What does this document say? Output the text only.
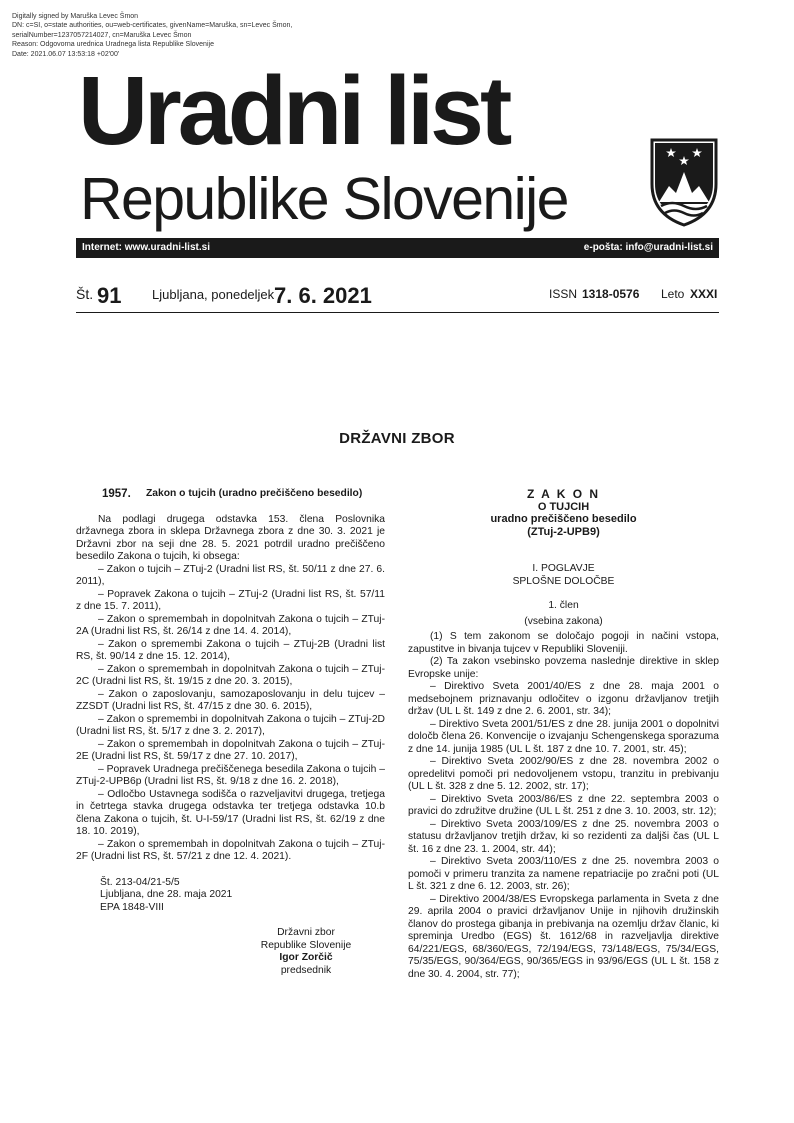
Digitally signed by Maruška Levec Šmon
DN: c=SI, o=state authorities, ou=web-certificates, givenName=Maruška, sn=Levec Šmon,
serialNumber=1237057214027, cn=Maruška Levec Šmon
Reason: Odgovorna urednica Uradnega lista Republike Slovenije
Date: 2021.06.07 13:53:18 +02'00'
Uradni list
Republike Slovenije
Internet: www.uradni-list.si	e-pošta: info@uradni-list.si
Št. 91 Ljubljana, ponedeljek 7. 6. 2021	ISSN 1318-0576 Leto XXXI
DRŽAVNI ZBOR
1957. Zakon o tujcih (uradno prečiščeno besedilo)

Na podlagi drugega odstavka 153. člena Poslovnika državnega zbora in sklepa Državnega zbora z dne 30. 3. 2021 je Državni zbor na seji dne 28. 5. 2021 potrdil uradno prečiščeno besedilo Zakona o tujcih, ki obsega:

– Zakon o tujcih – ZTuj-2 (Uradni list RS, št. 50/11 z dne 27. 6. 2011),

– Popravek Zakona o tujcih – ZTuj-2 (Uradni list RS, št. 57/11 z dne 15. 7. 2011),

– Zakon o spremembah in dopolnitvah Zakona o tujcih – ZTuj-2A (Uradni list RS, št. 26/14 z dne 14. 4. 2014),

– Zakon o spremembi Zakona o tujcih – ZTuj-2B (Uradni list RS, št. 90/14 z dne 15. 12. 2014),

– Zakon o spremembah in dopolnitvah Zakona o tujcih – ZTuj-2C (Uradni list RS, št. 19/15 z dne 20. 3. 2015),

– Zakon o zaposlovanju, samozaposlovanju in delu tujcev – ZZSDT (Uradni list RS, št. 47/15 z dne 30. 6. 2015),

– Zakon o spremembi in dopolnitvah Zakona o tujcih – ZTuj-2D (Uradni list RS, št. 5/17 z dne 3. 2. 2017),

– Zakon o spremembah in dopolnitvah Zakona o tujcih – ZTuj-2E (Uradni list RS, št. 59/17 z dne 27. 10. 2017),

– Popravek Uradnega prečiščenega besedila Zakona o tujcih – ZTuj-2-UPB6p (Uradni list RS, št. 9/18 z dne 16. 2. 2018),

– Odločbo Ustavnega sodišča o razveljavitvi drugega, tretjega in četrtega stavka drugega odstavka ter tretjega odstavka 10.b člena Zakona o tujcih, št. U-I-59/17 (Uradni list RS, št. 62/19 z dne 18. 10. 2019),

– Zakon o spremembah in dopolnitvah Zakona o tujcih – ZTuj-2F (Uradni list RS, št. 57/21 z dne 12. 4. 2021).

Št. 213-04/21-5/5
Ljubljana, dne 28. maja 2021
EPA 1848-VIII
Državni zbor
Republike Slovenije
Igor Zorčič
predsednik
Z A K O N
O TUJCIH
uradno prečiščeno besedilo
(ZTuj-2-UPB9)
I. POGLAVJE
SPLOŠNE DOLOČBE
1. člen
(vsebina zakona)

(1) S tem zakonom se določajo pogoji in načini vstopa, zapustitve in bivanja tujcev v Republiki Sloveniji.

(2) Ta zakon vsebinsko povzema naslednje direktive in sklep Evropske unije:

– Direktivo Sveta 2001/40/ES z dne 28. maja 2001 o medsebojnem priznavanju odločitev o izgonu državljanov tretjih držav (UL L št. 149 z dne 2. 6. 2001, str. 34);

– Direktivo Sveta 2001/51/ES z dne 28. junija 2001 o dopolnitvi določb člena 26. Konvencije o izvajanju Schengenskega sporazuma z dne 14. junija 1985 (UL L št. 187 z dne 10. 7. 2001, str. 45);

– Direktivo Sveta 2002/90/ES z dne 28. novembra 2002 o opredelitvi pomoči pri nedovoljenem vstopu, tranzitu in prebivanju (UL L št. 328 z dne 5. 12. 2002, str. 17);

– Direktivo Sveta 2003/86/ES z dne 22. septembra 2003 o pravici do združitve družine (UL L št. 251 z dne 3. 10. 2003, str. 12);

– Direktivo Sveta 2003/109/ES z dne 25. novembra 2003 o statusu državljanov tretjih držav, ki so rezidenti za daljši čas (UL L št. 16 z dne 23. 1. 2004, str. 44);

– Direktivo Sveta 2003/110/ES z dne 25. novembra 2003 o pomoči v primeru tranzita za namene repatriacije po zračni poti (UL L št. 321 z dne 6. 12. 2003, str. 26);

– Direktivo 2004/38/ES Evropskega parlamenta in Sveta z dne 29. aprila 2004 o pravici državljanov Unije in njihovih družinskih članov do prostega gibanja in prebivanja na ozemlju držav članic, ki spreminja Uredbo (EGS) št. 1612/68 in razveljavlja direktive 64/221/EGS, 68/360/EGS, 72/194/EGS, 73/148/EGS, 75/34/EGS, 75/35/EGS, 90/364/EGS, 90/365/EGS in 93/96/EGS (UL L št. 158 z dne 30. 4. 2004, str. 77);
